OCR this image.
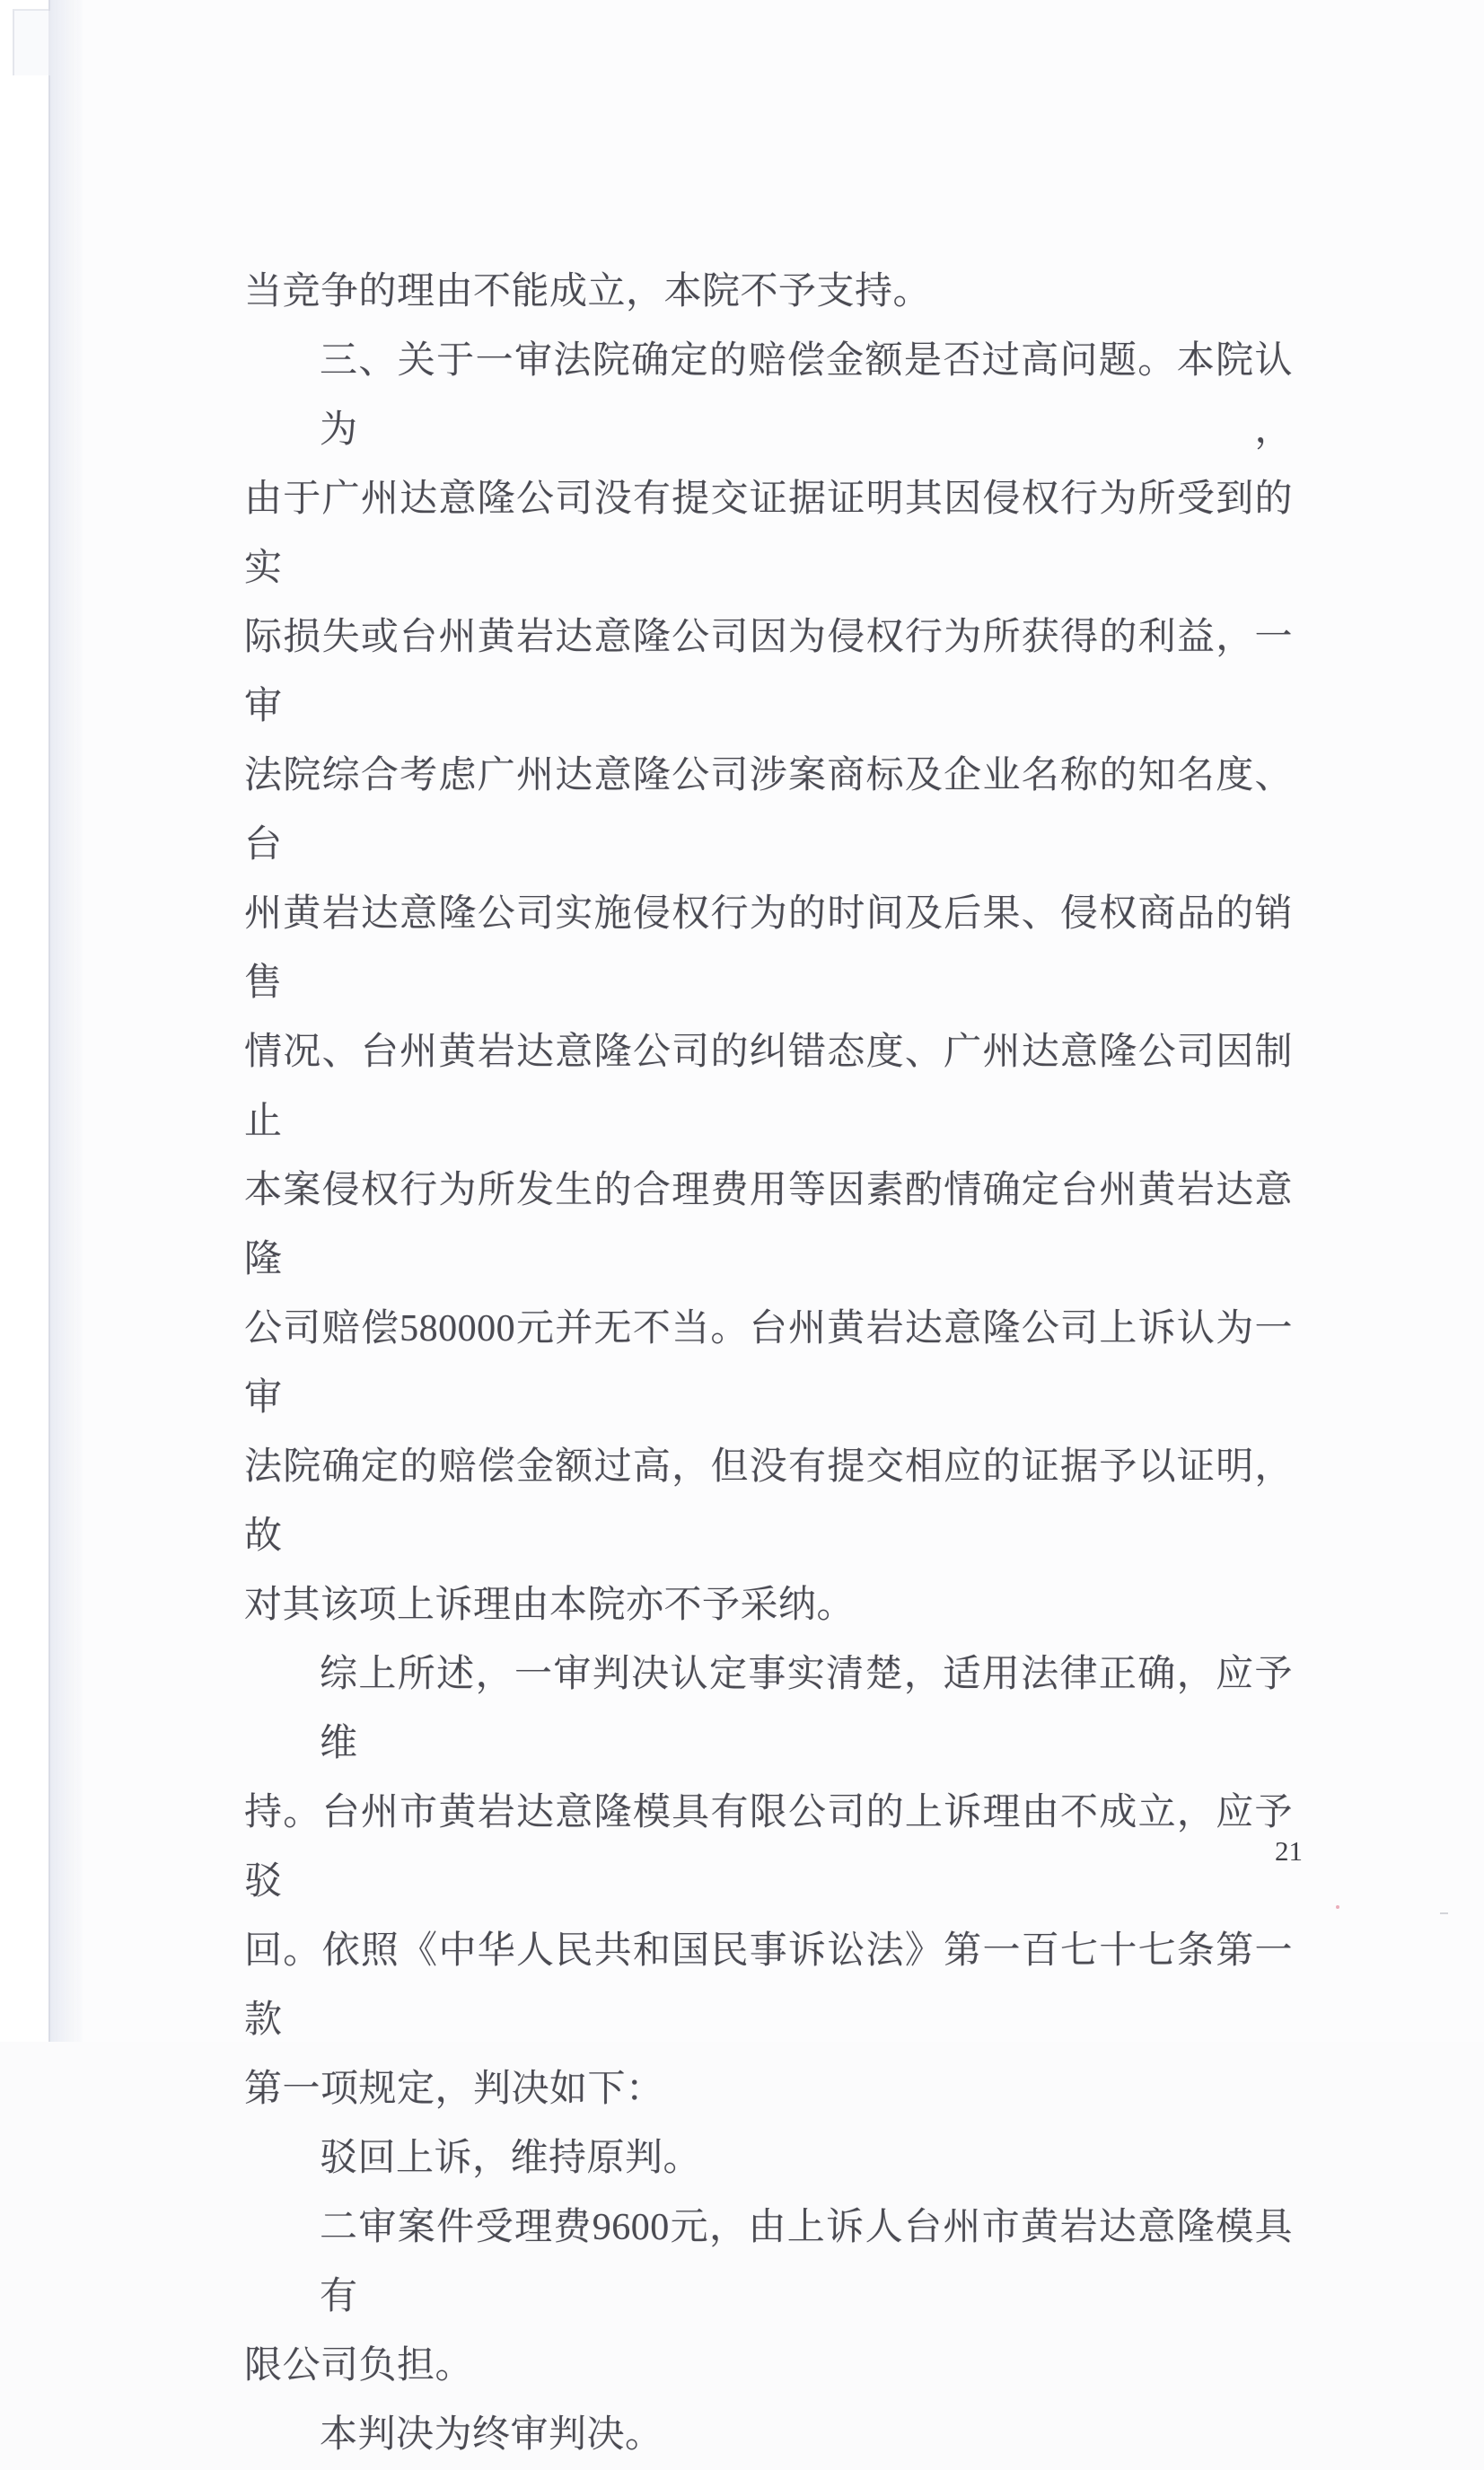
当竞争的理由不能成立，本院不予支持。
三、关于一审法院确定的赔偿金额是否过高问题。本院认为，
由于广州达意隆公司没有提交证据证明其因侵权行为所受到的实
际损失或台州黄岩达意隆公司因为侵权行为所获得的利益，一审
法院综合考虑广州达意隆公司涉案商标及企业名称的知名度、台
州黄岩达意隆公司实施侵权行为的时间及后果、侵权商品的销售
情况、台州黄岩达意隆公司的纠错态度、广州达意隆公司因制止
本案侵权行为所发生的合理费用等因素酌情确定台州黄岩达意隆
公司赔偿580000元并无不当。台州黄岩达意隆公司上诉认为一审
法院确定的赔偿金额过高，但没有提交相应的证据予以证明，故
对其该项上诉理由本院亦不予采纳。
综上所述，一审判决认定事实清楚，适用法律正确，应予维
持。台州市黄岩达意隆模具有限公司的上诉理由不成立，应予驳
回。依照《中华人民共和国民事诉讼法》第一百七十七条第一款
第一项规定，判决如下：
驳回上诉，维持原判。
二审案件受理费9600元，由上诉人台州市黄岩达意隆模具有
限公司负担。
本判决为终审判决。
21
